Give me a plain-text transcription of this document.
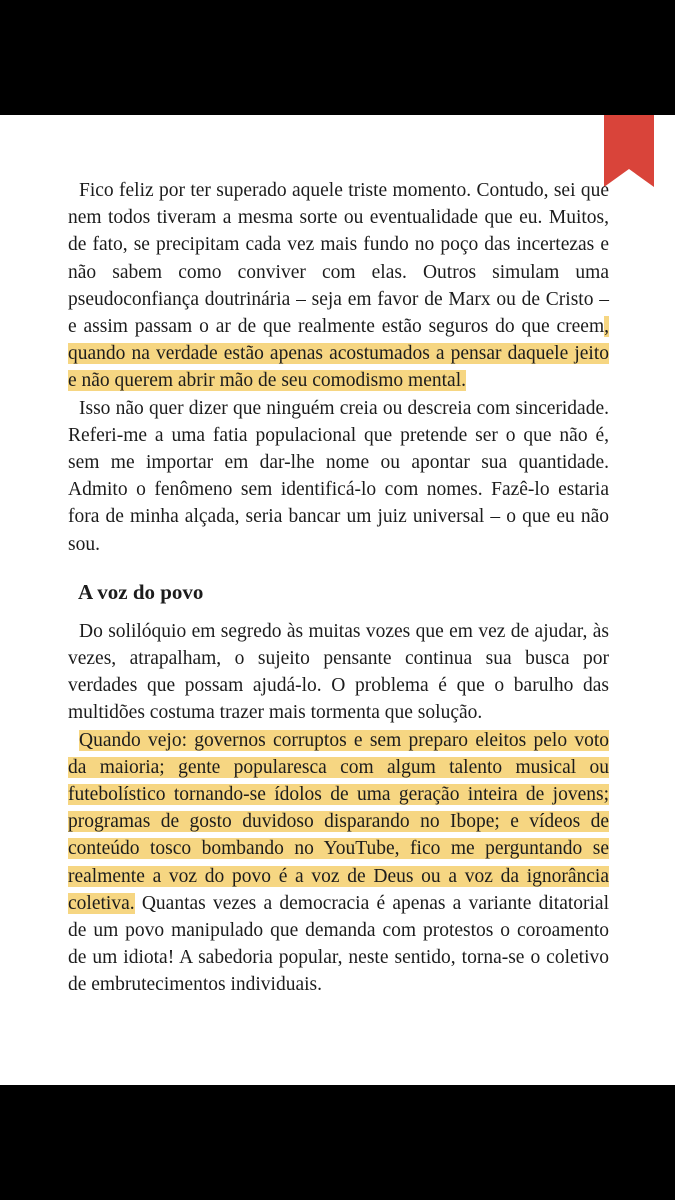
Fico feliz por ter superado aquele triste momento. Contudo, sei que nem todos tiveram a mesma sorte ou eventualidade que eu. Muitos, de fato, se precipitam cada vez mais fundo no poço das incertezas e não sabem como conviver com elas. Outros simulam uma pseudoconfiança doutrinária – seja em favor de Marx ou de Cristo – e assim passam o ar de que realmente estão seguros do que creem, quando na verdade estão apenas acostumados a pensar daquele jeito e não querem abrir mão de seu comodismo mental.

Isso não quer dizer que ninguém creia ou descreia com sinceridade. Referi-me a uma fatia populacional que pretende ser o que não é, sem me importar em dar-lhe nome ou apontar sua quantidade. Admito o fenômeno sem identificá-lo com nomes. Fazê-lo estaria fora de minha alçada, seria bancar um juiz universal – o que eu não sou.

A voz do povo

Do solilóquio em segredo às muitas vozes que em vez de ajudar, às vezes, atrapalham, o sujeito pensante continua sua busca por verdades que possam ajudá-lo. O problema é que o barulho das multidões costuma trazer mais tormenta que solução.

Quando vejo: governos corruptos e sem preparo eleitos pelo voto da maioria; gente popularesca com algum talento musical ou futebolístico tornando-se ídolos de uma geração inteira de jovens; programas de gosto duvidoso disparando no Ibope; e vídeos de conteúdo tosco bombando no YouTube, fico me perguntando se realmente a voz do povo é a voz de Deus ou a voz da ignorância coletiva. Quantas vezes a democracia é apenas a variante ditatorial de um povo manipulado que demanda com protestos o coroamento de um idiota! A sabedoria popular, neste sentido, torna-se o coletivo de embrutecimentos individuais.
